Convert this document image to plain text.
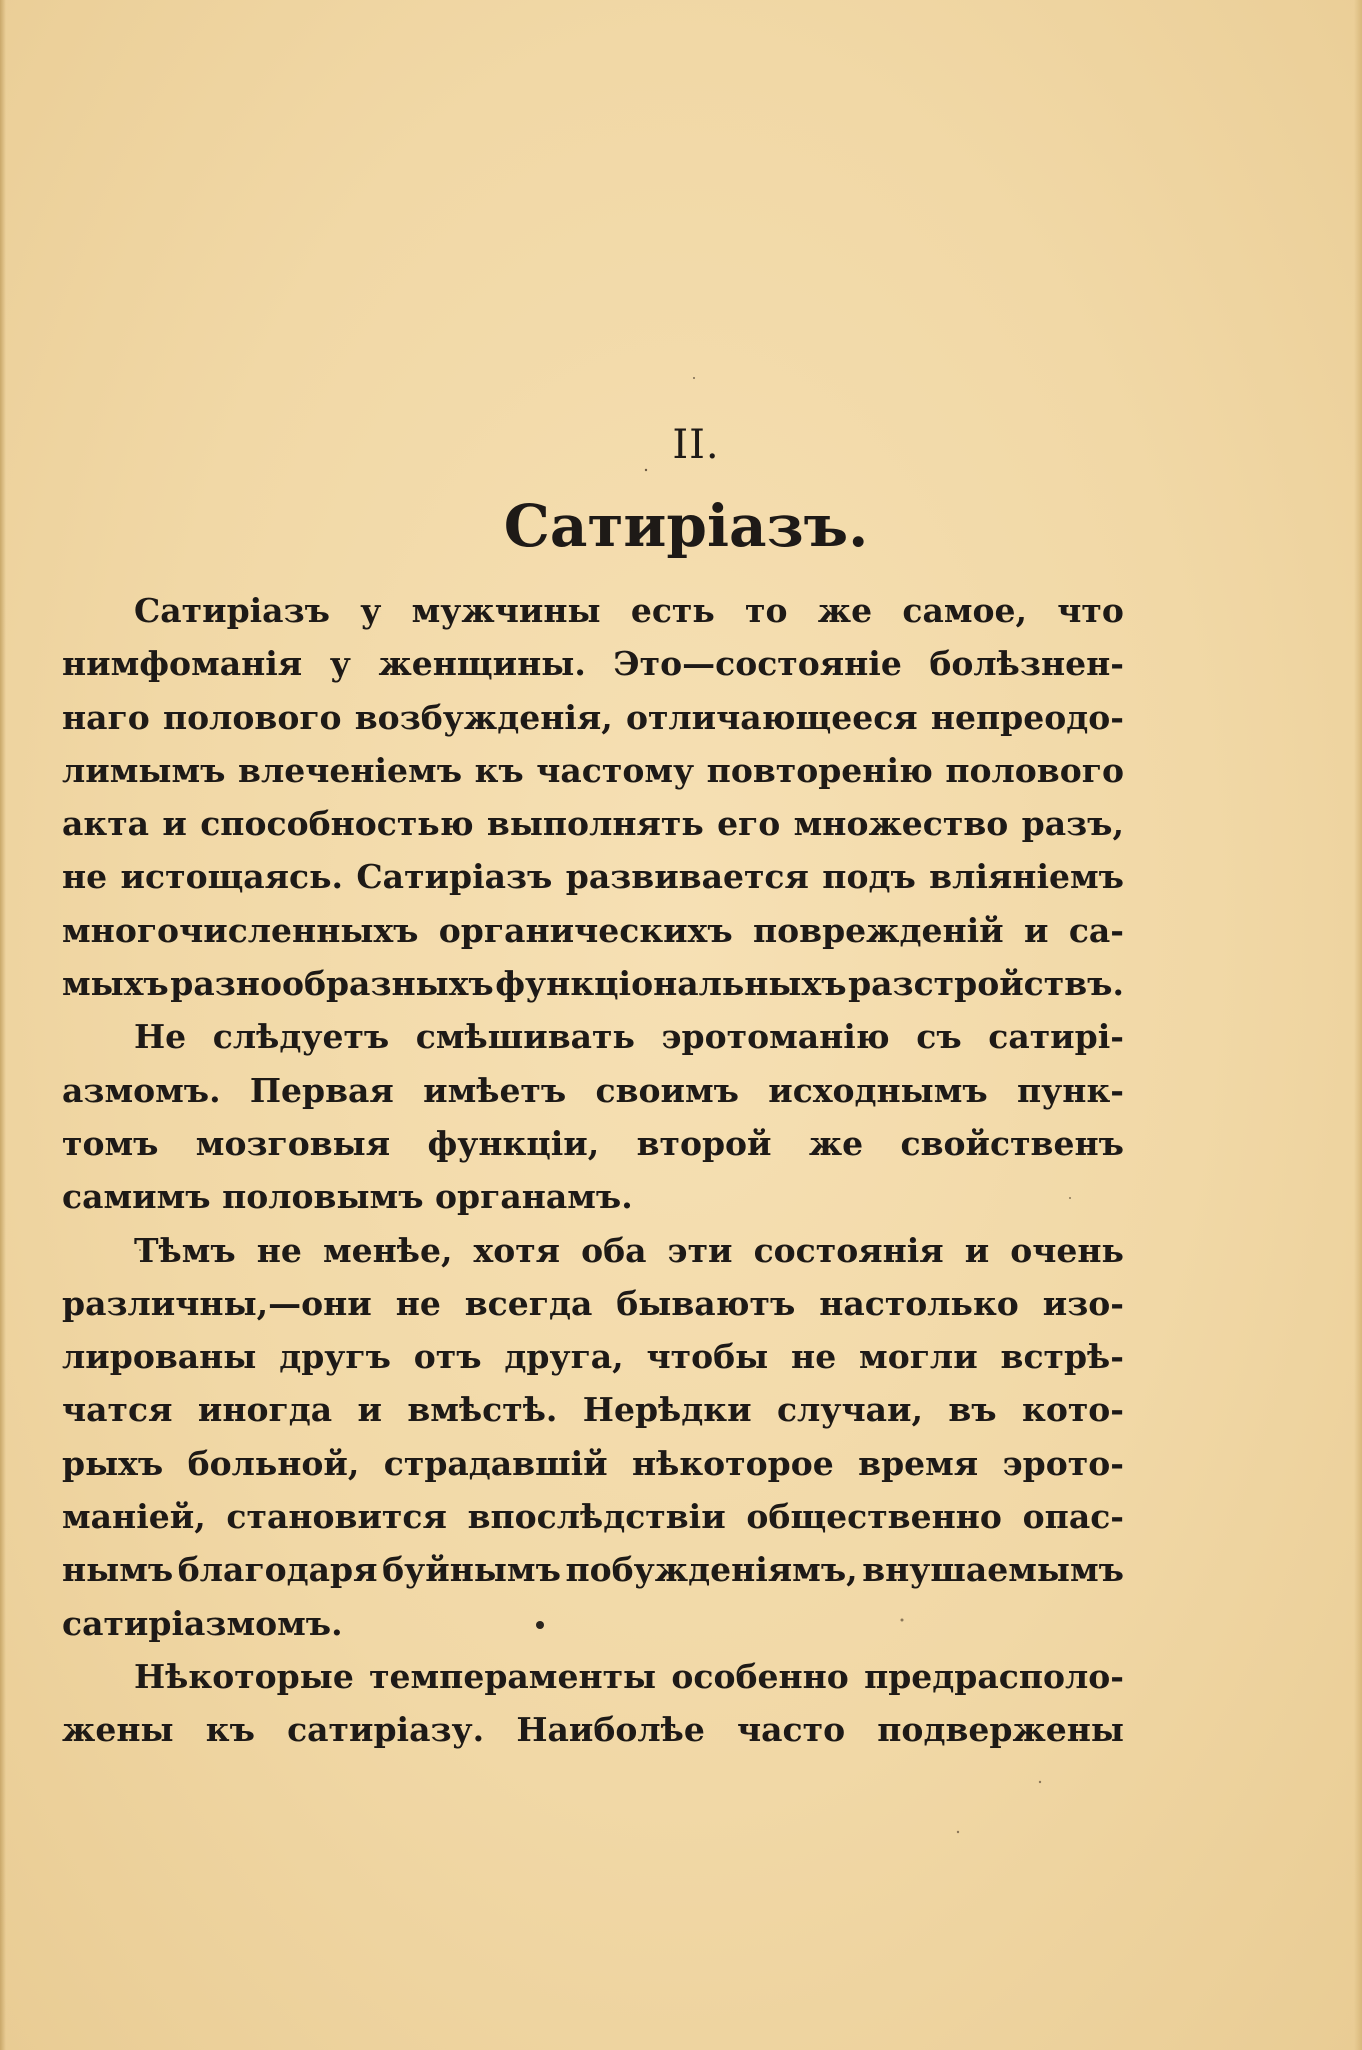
II.
Сатиріазъ.
Сатиріазъ у мужчины есть то же самое, что
нимфоманія у женщины. Это—состояніе болѣзнен-
наго полового возбужденія, отличающееся непреодо-
лимымъ влеченіемъ къ частому повторенію полового
акта и способностью выполнять его множество разъ,
не истощаясь. Сатиріазъ развивается подъ вліяніемъ
многочисленныхъ органическихъ поврежденій и са-
мыхъ разнообразныхъ функціональныхъ разстройствъ.
Не слѣдуетъ смѣшивать эротоманію съ сатирі-
азмомъ. Первая имѣетъ своимъ исходнымъ пунк-
томъ мозговыя функціи, второй же свойственъ
самимъ половымъ органамъ.
Тѣмъ не менѣе, хотя оба эти состоянія и очень
различны,—они не всегда бываютъ настолько изо-
лированы другъ отъ друга, чтобы не могли встрѣ-
чатся иногда и вмѣстѣ. Нерѣдки случаи, въ кото-
рыхъ больной, страдавшій нѣкоторое время эрото-
маніей, становится впослѣдствіи общественно опас-
нымъ благодаря буйнымъ побужденіямъ, внушаемымъ
сатиріазмомъ.
Нѣкоторые темпераменты особенно предрасполо-
жены къ сатиріазу. Наиболѣе часто подвержены
